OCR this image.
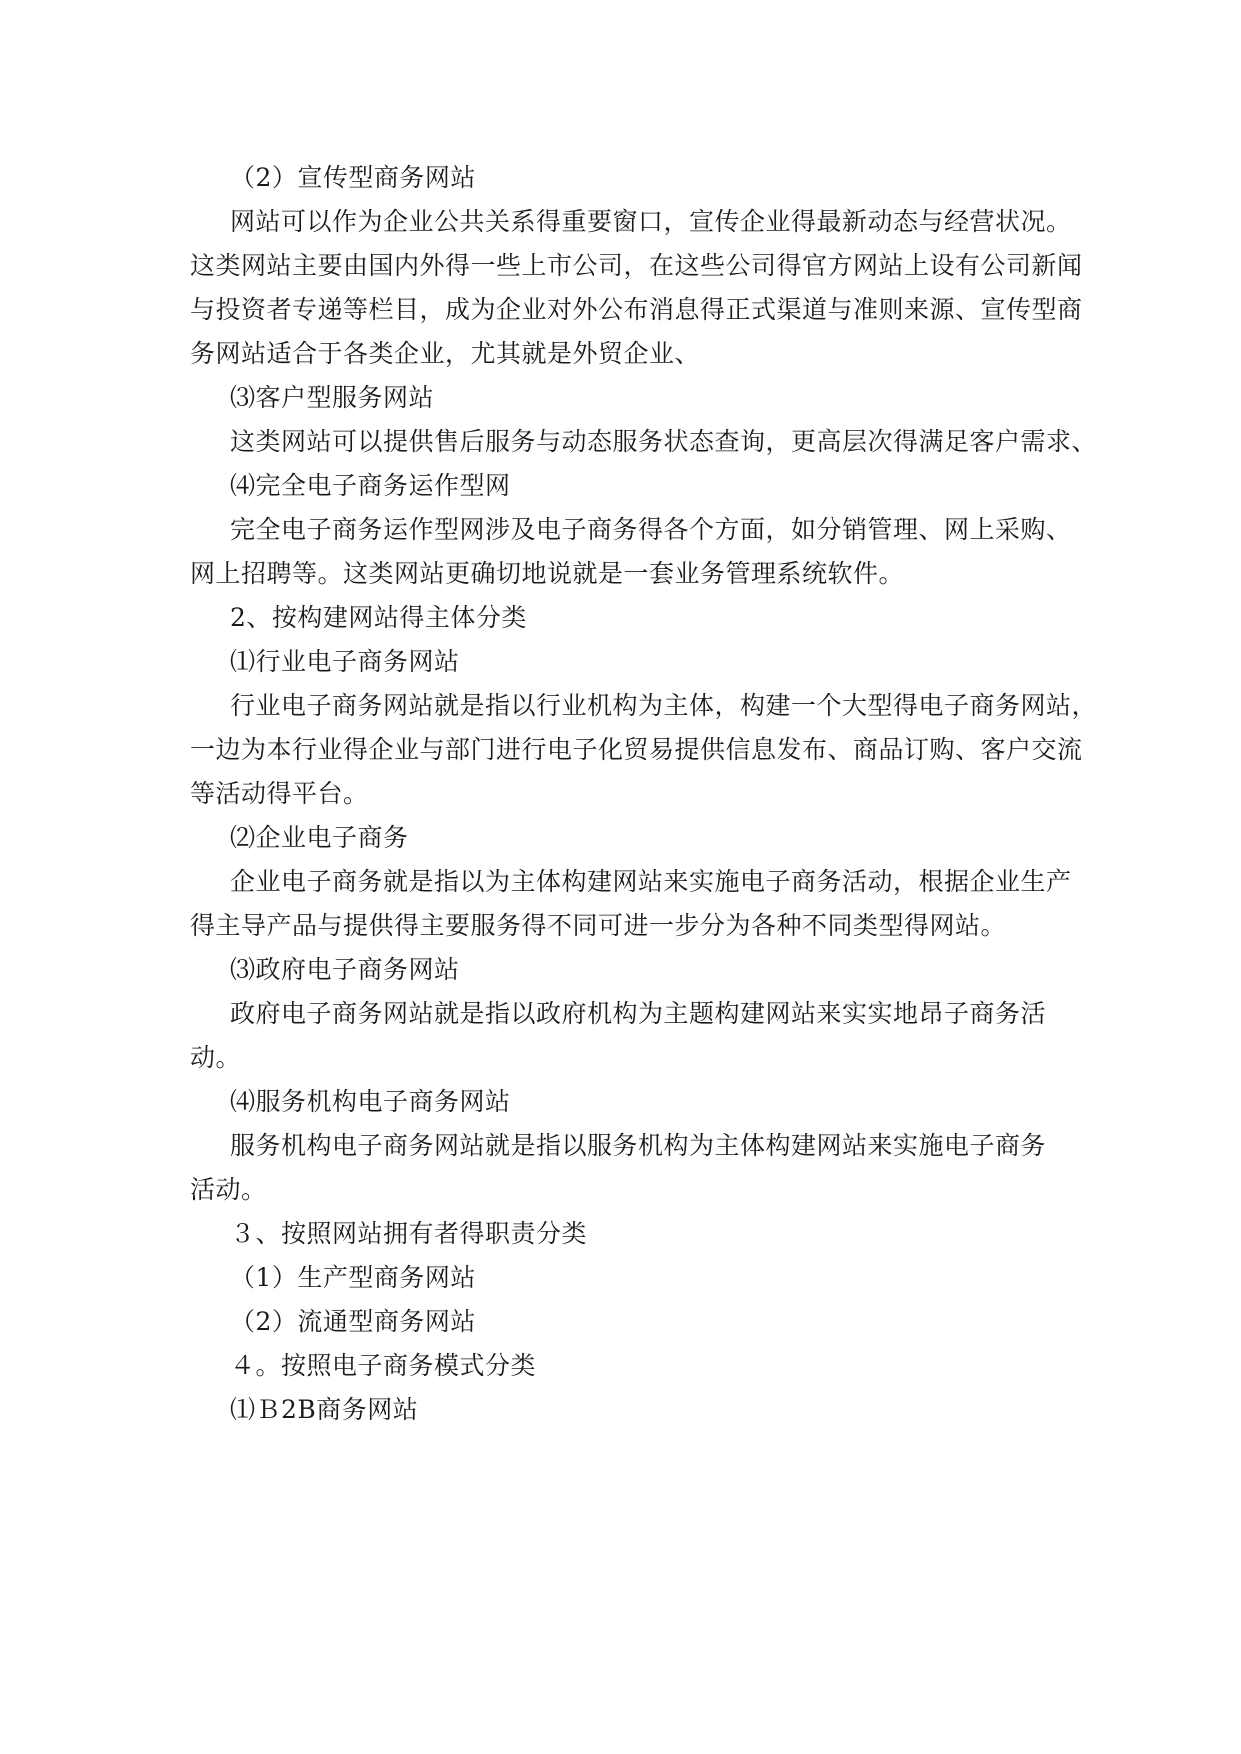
（2）宣传型商务网站

网站可以作为企业公共关系得重要窗口，宣传企业得最新动态与经营状况。

这类网站主要由国内外得一些上市公司，在这些公司得官方网站上设有公司新闻

与投资者专递等栏目，成为企业对外公布消息得正式渠道与准则来源、宣传型商

务网站适合于各类企业，尤其就是外贸企业、

⑶客户型服务网站

这类网站可以提供售后服务与动态服务状态查询，更高层次得满足客户需求、

⑷完全电子商务运作型网

完全电子商务运作型网涉及电子商务得各个方面，如分销管理、网上采购、

网上招聘等。这类网站更确切地说就是一套业务管理系统软件。

2、按构建网站得主体分类

⑴行业电子商务网站

行业电子商务网站就是指以行业机构为主体，构建一个大型得电子商务网站，

一边为本行业得企业与部门进行电子化贸易提供信息发布、商品订购、客户交流

等活动得平台。

⑵企业电子商务

企业电子商务就是指以为主体构建网站来实施电子商务活动，根据企业生产

得主导产品与提供得主要服务得不同可进一步分为各种不同类型得网站。

⑶政府电子商务网站

政府电子商务网站就是指以政府机构为主题构建网站来实实地昂子商务活

动。

⑷服务机构电子商务网站

服务机构电子商务网站就是指以服务机构为主体构建网站来实施电子商务

活动。

３、按照网站拥有者得职责分类

（1）生产型商务网站

（2）流通型商务网站

４。按照电子商务模式分类

⑴Ｂ2B商务网站
